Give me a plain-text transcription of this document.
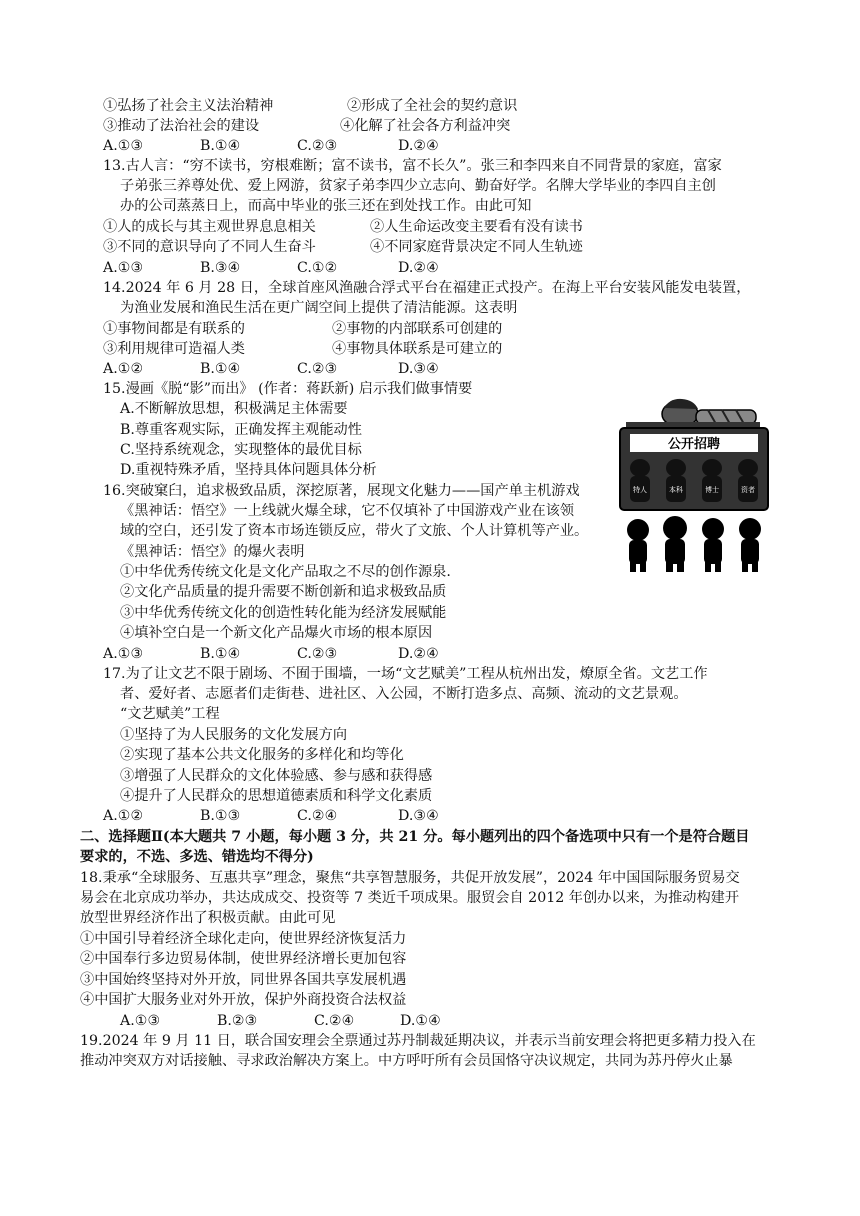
①弘扬了社会主义法治精神	②形成了全社会的契约意识
③推动了法治社会的建设	④化解了社会各方利益冲突
A.①③	B.①④	C.②③	D.②④
13.古人言：“穷不读书，穷根难断；富不读书，富不长久”。张三和李四来自不同背景的家庭，富家
子弟张三养尊处优、爱上网游，贫家子弟李四少立志向、勤奋好学。名牌大学毕业的李四自主创
办的公司蒸蒸日上，而高中毕业的张三还在到处找工作。由此可知
①人的成长与其主观世界息息相关	②人生命运改变主要看有没有读书
③不同的意识导向了不同人生奋斗	④不同家庭背景决定不同人生轨迹
A.①③	B.③④	C.①②	D.②④
14.2024 年 6 月 28 日，全球首座风渔融合浮式平台在福建正式投产。在海上平台安装风能发电装置，
为渔业发展和渔民生活在更广阔空间上提供了清洁能源。这表明
①事物间都是有联系的	②事物的内部联系可创建的
③利用规律可造福人类	④事物具体联系是可建立的
A.①②	B.①④	C.②③	D.③④
15.漫画《脱“影”而出》 (作者：蒋跃新) 启示我们做事情要
A.不断解放思想，积极满足主体需要
B.尊重客观实际，正确发挥主观能动性
C.坚持系统观念，实现整体的最优目标
D.重视特殊矛盾，坚持具体问题具体分析
16.突破窠臼，追求极致品质，深挖原著，展现文化魅力——国产单主机游戏
《黑神话：悟空》一上线就火爆全球，它不仅填补了中国游戏产业在该领
域的空白，还引发了资本市场连锁反应，带火了文旅、个人计算机等产业。
《黑神话：悟空》的爆火表明
①中华优秀传统文化是文化产品取之不尽的创作源泉.
②文化产品质量的提升需要不断创新和追求极致品质
③中华优秀传统文化的创造性转化能为经济发展赋能
④填补空白是一个新文化产品爆火市场的根本原因
A.①③	B.①④	C.②③	D.②④
17.为了让文艺不限于剧场、不囿于围墙，一场“文艺赋美”工程从杭州出发，燎原全省。文艺工作
者、爱好者、志愿者们走街巷、进社区、入公园，不断打造多点、高频、流动的文艺景观。
“文艺赋美”工程
①坚持了为人民服务的文化发展方向
②实现了基本公共文化服务的多样化和均等化
③增强了人民群众的文化体验感、参与感和获得感
④提升了人民群众的思想道德素质和科学文化素质
A.①②	B.①③	C.②④	D.③④
二、选择题Ⅱ(本大题共 7 小题，每小题 3 分，共 21 分。每小题列出的四个备选项中只有一个是符合题目
要求的，不选、多选、错选均不得分)
18.秉承“全球服务、互惠共享”理念，聚焦“共享智慧服务，共促开放发展”，2024 年中国国际服务贸易交
易会在北京成功举办，共达成成交、投资等 7 类近千项成果。服贸会自 2012 年创办以来，为推动构建开
放型世界经济作出了积极贡献。由此可见
①中国引导着经济全球化走向，使世界经济恢复活力
②中国奉行多边贸易体制，使世界经济增长更加包容
③中国始终坚持对外开放，同世界各国共享发展机遇
④中国扩大服务业对外开放，保护外商投资合法权益
A.①③	B.②③	C.②④	D.①④
19.2024 年 9 月 11 日，联合国安理会全票通过苏丹制裁延期决议，并表示当前安理会将把更多精力投入在
推动冲突双方对话接触、寻求政治解决方案上。中方呼吁所有会员国恪守决议规定，共同为苏丹停火止暴
公开招聘
特人	本科	博士	资者
